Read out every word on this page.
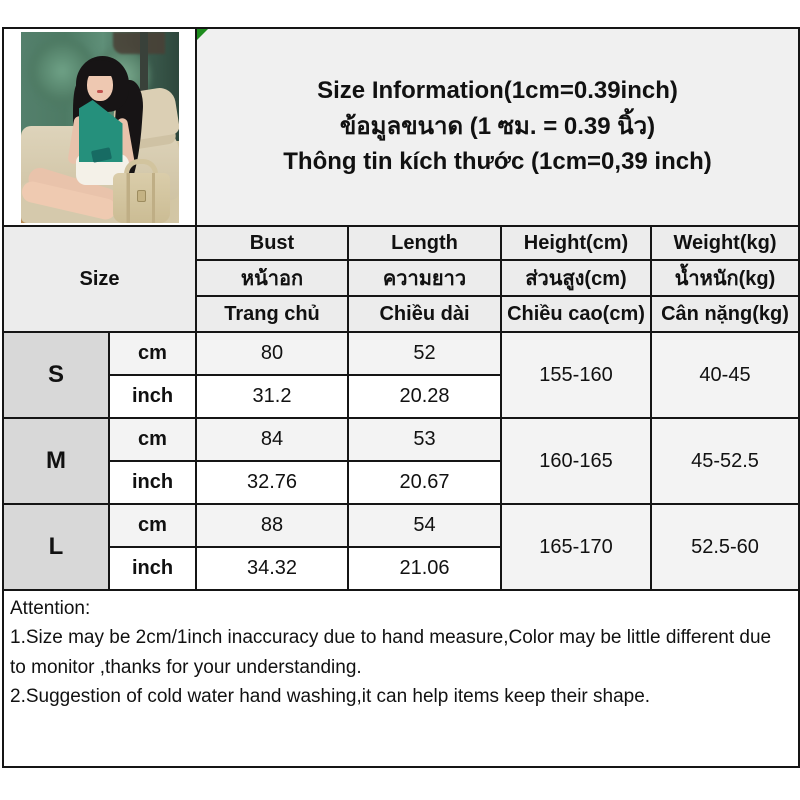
		Size Information(1cm=0.39inch)
ข้อมูลขนาด (1 ซม. = 0.39 นิ้ว)
Thông tin kích thước (1cm=0,39 inch)			

Size		Bust	Length	Height(cm)	Weight(kg)
		หน้าอก	ความยาว	ส่วนสูง(cm)	น้ำหนัก(kg)
		Trang chủ	Chiều dài	Chiều cao(cm)	Cân nặng(kg)
S	cm	80	52	155-160	40-45
	inch	31.2	20.28		
M	cm	84	53	160-165	45-52.5
	inch	32.76	20.67		
L	cm	88	54	165-170	52.5-60
	inch	34.32	21.06		

Attention:
1.Size may be 2cm/1inch inaccuracy due to hand measure,Color may be little different due to monitor ,thanks for your understanding.
2.Suggestion of cold water hand washing,it can help items keep their shape.					
